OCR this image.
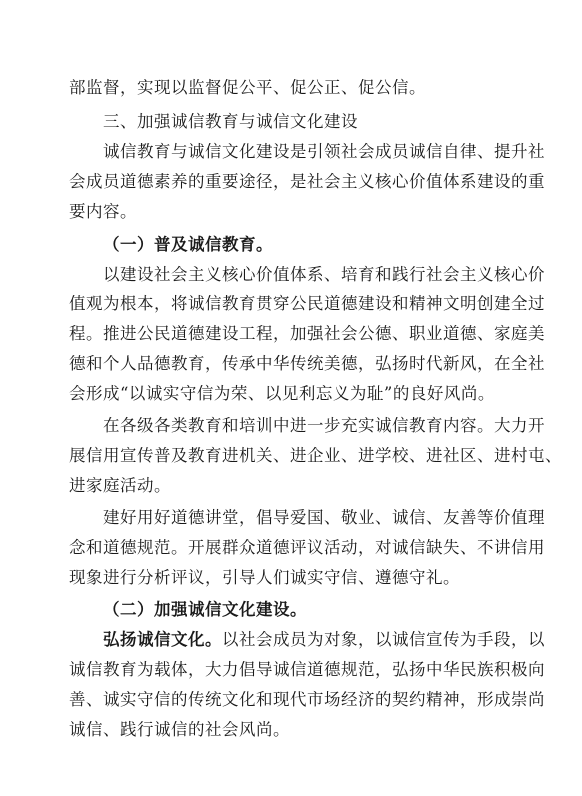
部监督，实现以监督促公平、促公正、促公信。
三、加强诚信教育与诚信文化建设
诚信教育与诚信文化建设是引领社会成员诚信自律、提升社
会成员道德素养的重要途径，是社会主义核心价值体系建设的重
要内容。
（一）普及诚信教育。
以建设社会主义核心价值体系、培育和践行社会主义核心价
值观为根本，将诚信教育贯穿公民道德建设和精神文明创建全过
程。推进公民道德建设工程，加强社会公德、职业道德、家庭美
德和个人品德教育，传承中华传统美德，弘扬时代新风，在全社
会形成“以诚实守信为荣、以见利忘义为耻”的良好风尚。
在各级各类教育和培训中进一步充实诚信教育内容。大力开
展信用宣传普及教育进机关、进企业、进学校、进社区、进村屯、
进家庭活动。
建好用好道德讲堂，倡导爱国、敬业、诚信、友善等价值理
念和道德规范。开展群众道德评议活动，对诚信缺失、不讲信用
现象进行分析评议，引导人们诚实守信、遵德守礼。
（二）加强诚信文化建设。
弘扬诚信文化。以社会成员为对象，以诚信宣传为手段，以
诚信教育为载体，大力倡导诚信道德规范，弘扬中华民族积极向
善、诚实守信的传统文化和现代市场经济的契约精神，形成崇尚
诚信、践行诚信的社会风尚。
